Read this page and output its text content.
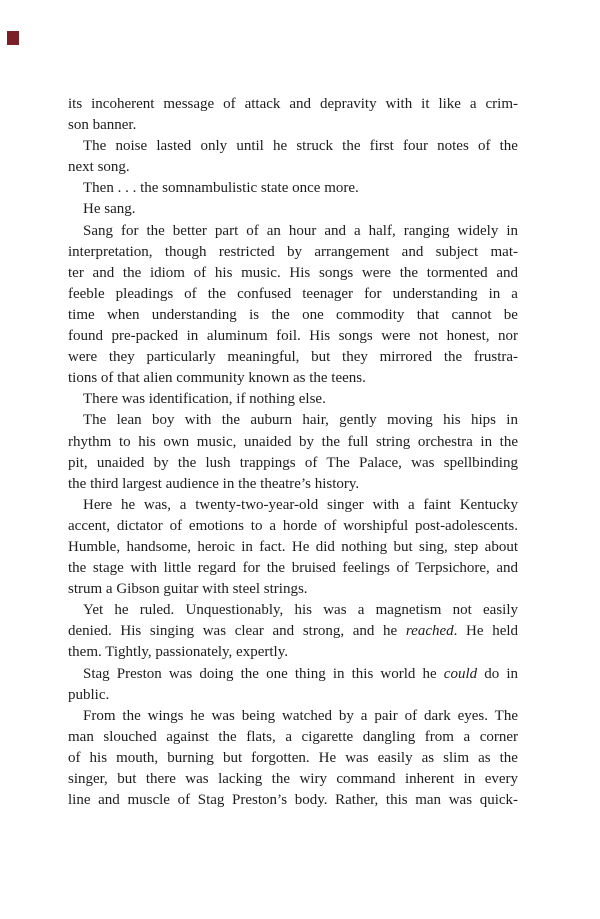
its incoherent message of attack and depravity with it like a crim-
son banner.
The noise lasted only until he struck the first four notes of the
next song.
Then . . . the somnambulistic state once more.
He sang.
Sang for the better part of an hour and a half, ranging widely in
interpretation, though restricted by arrangement and subject mat-
ter and the idiom of his music. His songs were the tormented and
feeble pleadings of the confused teenager for understanding in a
time when understanding is the one commodity that cannot be
found pre-packed in aluminum foil. His songs were not honest, nor
were they particularly meaningful, but they mirrored the frustra-
tions of that alien community known as the teens.
There was identification, if nothing else.
The lean boy with the auburn hair, gently moving his hips in
rhythm to his own music, unaided by the full string orchestra in the
pit, unaided by the lush trappings of The Palace, was spellbinding
the third largest audience in the theatre’s history.
Here he was, a twenty-two-year-old singer with a faint Kentucky
accent, dictator of emotions to a horde of worshipful post-adolescents.
Humble, handsome, heroic in fact. He did nothing but sing, step about
the stage with little regard for the bruised feelings of Terpsichore, and
strum a Gibson guitar with steel strings.
Yet he ruled. Unquestionably, his was a magnetism not easily
denied. His singing was clear and strong, and he reached. He held
them. Tightly, passionately, expertly.
Stag Preston was doing the one thing in this world he could do in
public.
From the wings he was being watched by a pair of dark eyes. The
man slouched against the flats, a cigarette dangling from a corner
of his mouth, burning but forgotten. He was easily as slim as the
singer, but there was lacking the wiry command inherent in every
line and muscle of Stag Preston’s body. Rather, this man was quick-
